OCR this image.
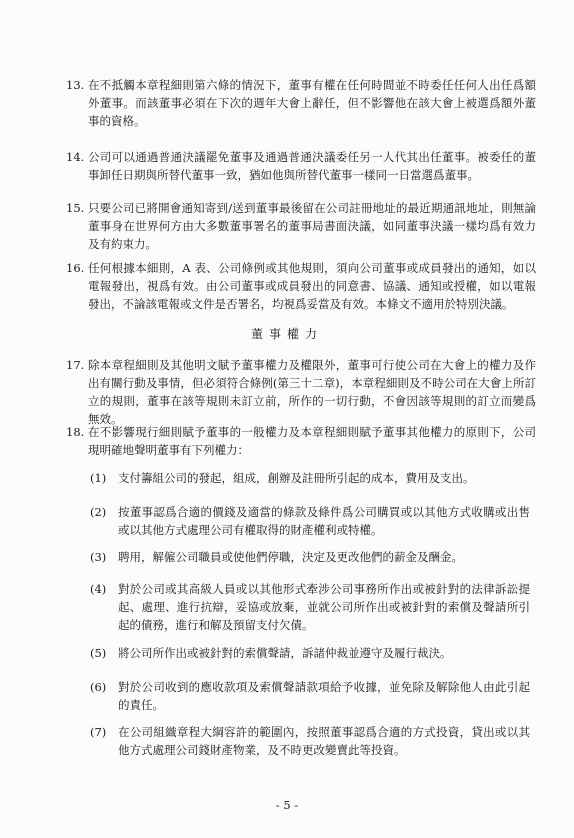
13. 在不抵觸本章程細則第六條的情況下，董事有權在任何時間並不時委任任何人出任爲額外董事。而該董事必須在下次的週年大會上辭任，但不影響他在該大會上被選爲額外董事的資格。
14. 公司可以通過普通決議罷免董事及通過普通決議委任另一人代其出任董事。被委任的董事卸任日期與所替代董事一致，猶如他與所替代董事一樣同一日當選爲董事。
15. 只要公司已將開會通知寄到/送到董事最後留在公司註冊地址的最近期通訊地址，則無論董事身在世界何方由大多數董事署名的董事局書面決議，如同董事決議一樣均爲有效力及有約束力。
16. 任何根據本細則，A 表、公司條例或其他規則，須向公司董事或成員發出的通知，如以電報發出，視爲有效。由公司董事或成員發出的同意書、協議、通知或授權，如以電報發出，不論該電報或文件是否署名，均視爲妥當及有效。本條文不適用於特別決議。
董事權力
17. 除本章程細則及其他明文賦予董事權力及權限外，董事可行使公司在大會上的權力及作出有關行動及事情，但必須符合條例(第三十二章)，本章程細則及不時公司在大會上所訂立的規則，董事在該等規則未訂立前，所作的一切行動，不會因該等規則的訂立而變爲無效。
18. 在不影響現行細則賦予董事的一般權力及本章程細則賦予董事其他權力的原則下，公司現明確地聲明董事有下列權力：
(1)	支付籌組公司的發起，組成，創辦及註冊所引起的成本，費用及支出。
(2)	按董事認爲合適的價錢及適當的條款及條件爲公司購買或以其他方式收購或出售或以其他方式處理公司有權取得的財產權利或特權。
(3)	聘用，解僱公司職員或使他們停職，決定及更改他們的薪金及酬金。
(4)	對於公司或其高級人員或以其他形式牽涉公司事務所作出或被針對的法律訴訟提起、處理、進行抗辯，妥協或放棄，並就公司所作出或被針對的索償及聲請所引起的債務，進行和解及預留支付欠債。
(5)	將公司所作出或被針對的索償聲請，訴諸仲裁並遵守及履行裁決。
(6)	對於公司收到的應收款項及索償聲請款項給予收據，並免除及解除他人由此引起的責任。
(7)	在公司組織章程大綱容許的範圍內，按照董事認爲合適的方式投資，貸出或以其他方式處理公司錢財產物業，及不時更改變賣此等投資。
- 5 -
